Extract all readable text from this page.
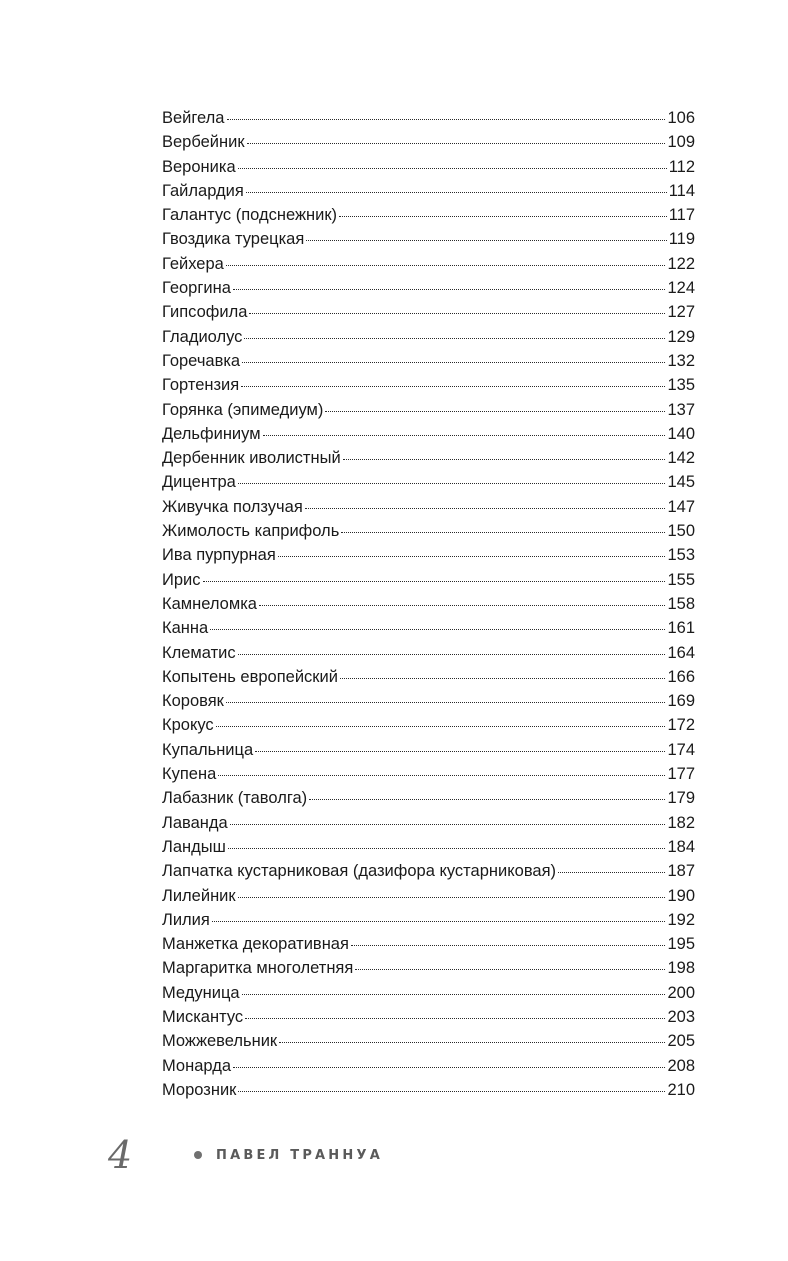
Вейгела	106
Вербейник	109
Вероника	112
Гайлардия	114
Галантус (подснежник)	117
Гвоздика турецкая	119
Гейхера	122
Георгина	124
Гипсофила	127
Гладиолус	129
Горечавка	132
Гортензия	135
Горянка (эпимедиум)	137
Дельфиниум	140
Дербенник иволистный	142
Дицентра	145
Живучка ползучая	147
Жимолость каприфоль	150
Ива пурпурная	153
Ирис	155
Камнеломка	158
Канна	161
Клематис	164
Копытень европейский	166
Коровяк	169
Крокус	172
Купальница	174
Купена	177
Лабазник (таволга)	179
Лаванда	182
Ландыш	184
Лапчатка кустарниковая (дазифора кустарниковая)	187
Лилейник	190
Лилия	192
Манжетка декоративная	195
Маргаритка многолетняя	198
Медуница	200
Мискантус	203
Можжевельник	205
Монарда	208
Морозник	210
4	ПАВЕЛ ТРАННУА
